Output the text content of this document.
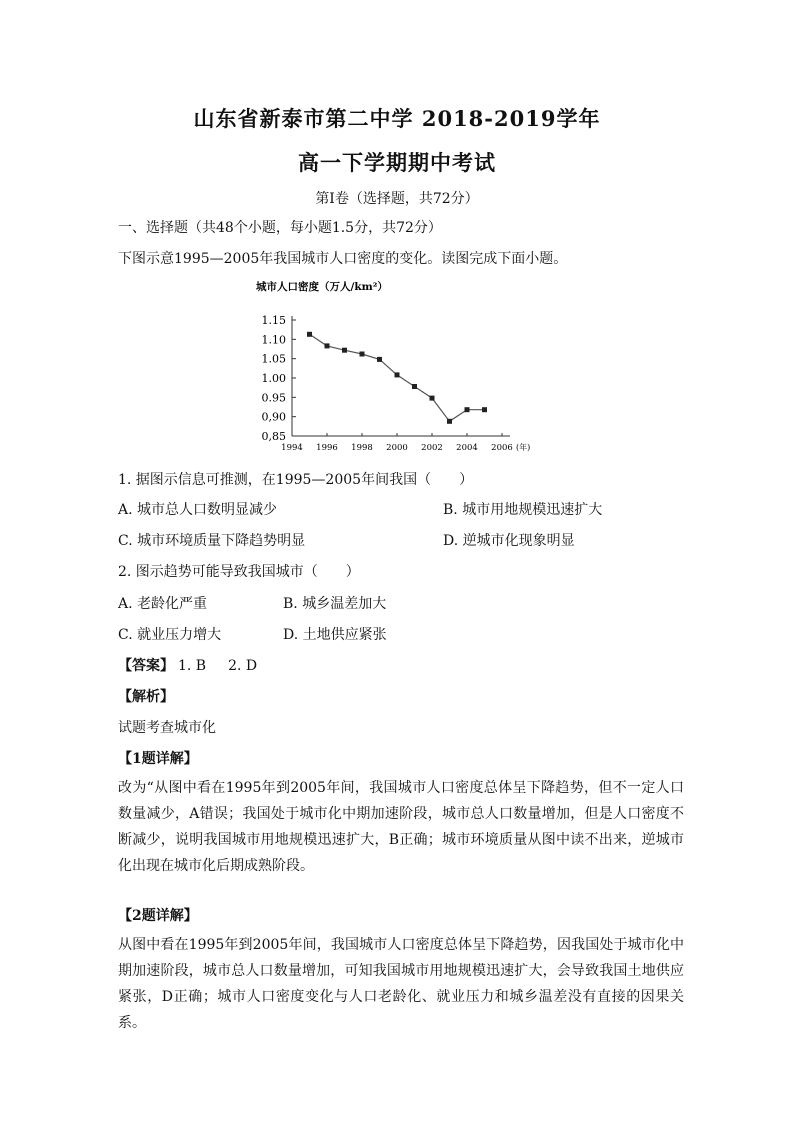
山东省新泰市第二中学 2018-2019学年
高一下学期期中考试
第Ⅰ卷（选择题，共72分）
一、选择题（共48个小题，每小题1.5分，共72分）
下图示意1995—2005年我国城市人口密度的变化。读图完成下面小题。
城市人口密度（万人/km²）
1.15
1.10
1.05
1.00
0.95
0,90
0,85
1994 1996 1998 2000 2002 2004 2006 (年)
1. 据图示信息可推测，在1995—2005年间我国（　　）
A. 城市总人口数明显减少	B. 城市用地规模迅速扩大
C. 城市环境质量下降趋势明显	D. 逆城市化现象明显
2. 图示趋势可能导致我国城市（　　）
A. 老龄化严重	B. 城乡温差加大
C. 就业压力增大	D. 土地供应紧张
【答案】 1. B 2. D
【解析】
试题考查城市化
【1题详解】
改为“从图中看在1995年到2005年间，我国城市人口密度总体呈下降趋势，但不一定人口数量减少，A错误；我国处于城市化中期加速阶段，城市总人口数量增加，但是人口密度不断减少，说明我国城市用地规模迅速扩大，B正确；城市环境质量从图中读不出来，逆城市化出现在城市化后期成熟阶段。
【2题详解】
从图中看在1995年到2005年间，我国城市人口密度总体呈下降趋势，因我国处于城市化中期加速阶段，城市总人口数量增加，可知我国城市用地规模迅速扩大，会导致我国土地供应紧张，D正确；城市人口密度变化与人口老龄化、就业压力和城乡温差没有直接的因果关系。
